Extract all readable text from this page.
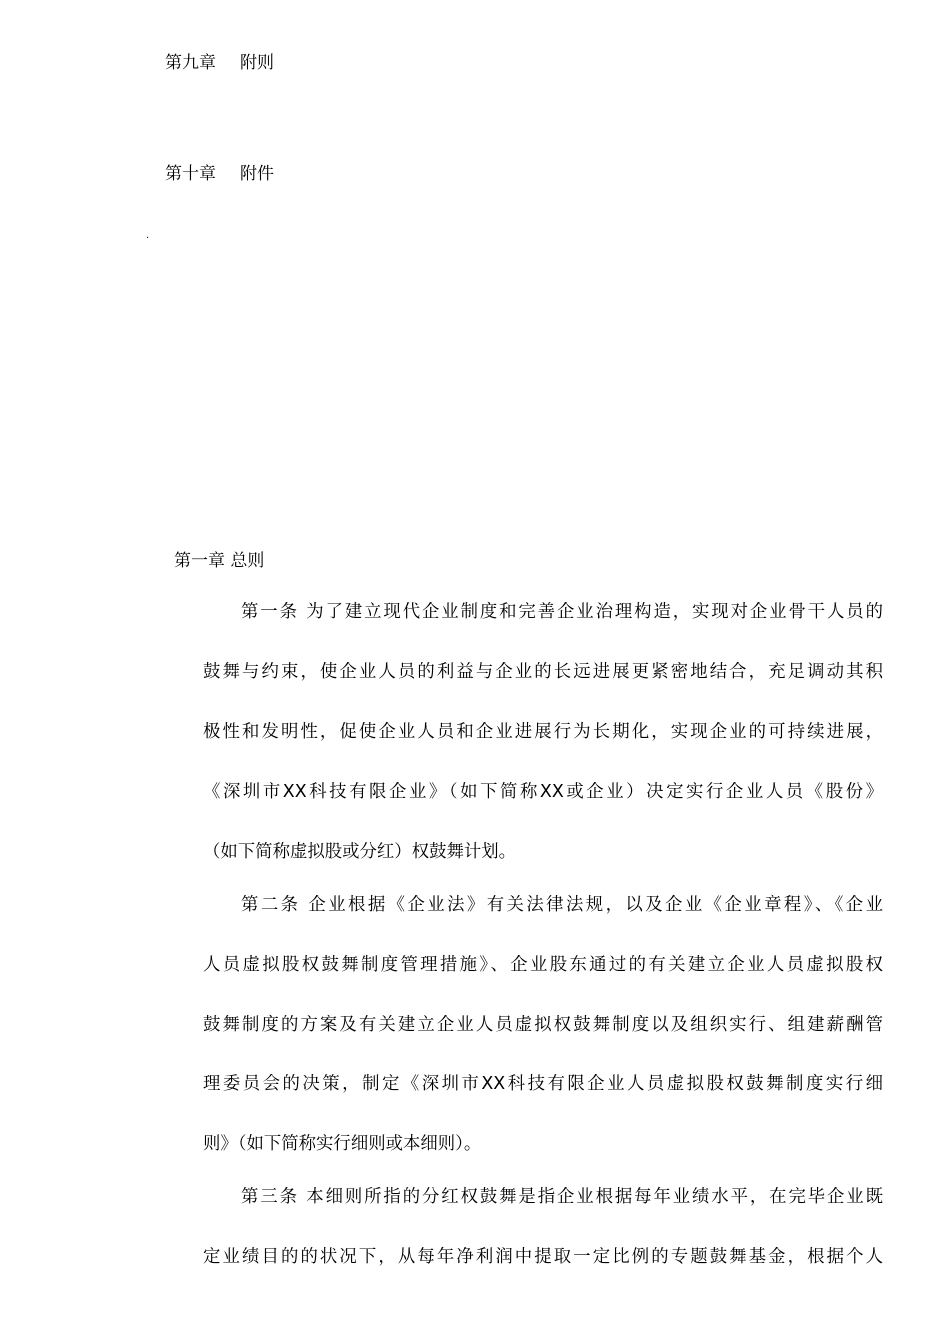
第九章 附则
第十章 附件
.
第一章 总则
第一条 为了建立现代企业制度和完善企业治理构造，实现对企业骨干人员的
鼓舞与约束，使企业人员的利益与企业的长远进展更紧密地结合，充足调动其积
极性和发明性，促使企业人员和企业进展行为长期化，实现企业的可持续进展，
《深圳市XX科技有限企业》（如下简称XX或企业）决定实行企业人员《股份》
（如下简称虚拟股或分红）权鼓舞计划。
第二条 企业根据《企业法》有关法律法规，以及企业《企业章程》、《企业
人员虚拟股权鼓舞制度管理措施》、企业股东通过的有关建立企业人员虚拟股权
鼓舞制度的方案及有关建立企业人员虚拟权鼓舞制度以及组织实行、组建薪酬管
理委员会的决策，制定《深圳市XX科技有限企业人员虚拟股权鼓舞制度实行细
则》（如下简称实行细则或本细则）。
第三条 本细则所指的分红权鼓舞是指企业根据每年业绩水平，在完毕企业既
定业绩目的的状况下，从每年净利润中提取一定比例的专题鼓舞基金，根据个人
